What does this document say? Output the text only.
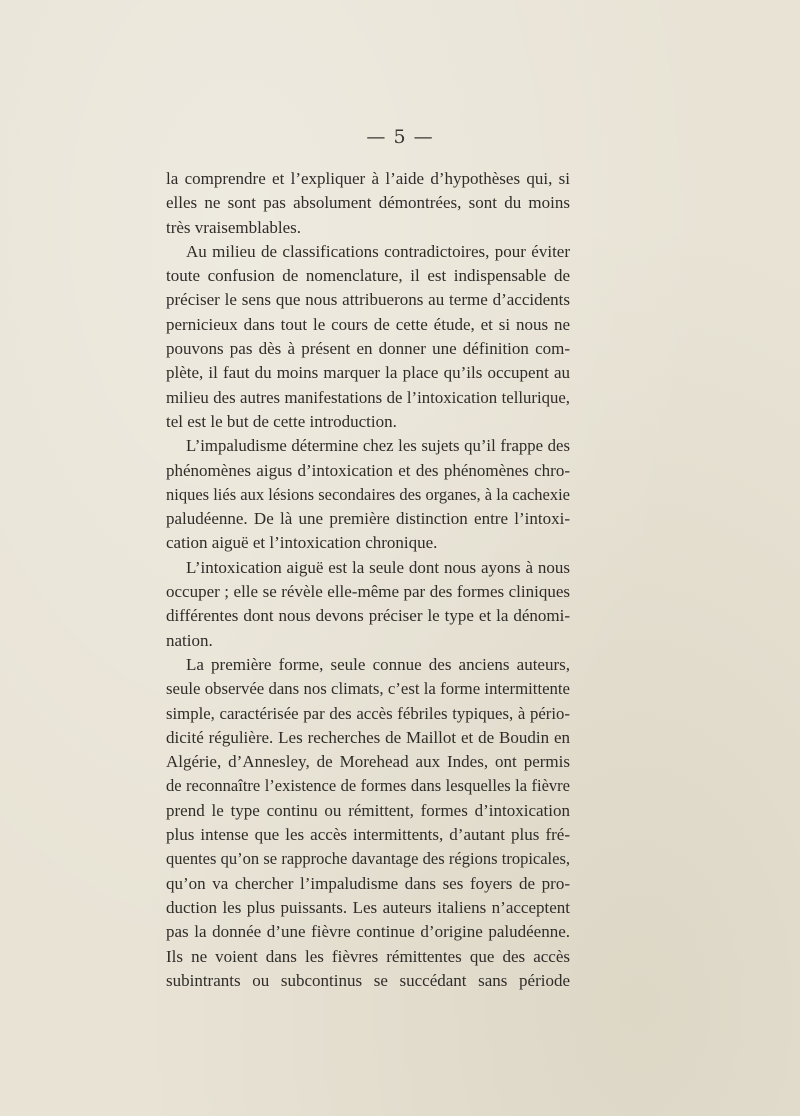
— 5 —
la comprendre et l’expliquer à l’aide d’hypothèses qui, si
elles ne sont pas absolument démontrées, sont du moins
très vraisemblables.
Au milieu de classifications contradictoires, pour éviter
toute confusion de nomenclature, il est indispensable de
préciser le sens que nous attribuerons au terme d’accidents
pernicieux dans tout le cours de cette étude, et si nous ne
pouvons pas dès à présent en donner une définition com-
plète, il faut du moins marquer la place qu’ils occupent au
milieu des autres manifestations de l’intoxication tellurique,
tel est le but de cette introduction.
L’impaludisme détermine chez les sujets qu’il frappe des
phénomènes aigus d’intoxication et des phénomènes chro-
niques liés aux lésions secondaires des organes, à la cachexie
paludéenne. De là une première distinction entre l’intoxi-
cation aiguë et l’intoxication chronique.
L’intoxication aiguë est la seule dont nous ayons à nous
occuper ; elle se révèle elle-même par des formes cliniques
différentes dont nous devons préciser le type et la dénomi-
nation.
La première forme, seule connue des anciens auteurs,
seule observée dans nos climats, c’est la forme intermittente
simple, caractérisée par des accès fébriles typiques, à pério-
dicité régulière. Les recherches de Maillot et de Boudin en
Algérie, d’Annesley, de Morehead aux Indes, ont permis
de reconnaître l’existence de formes dans lesquelles la fièvre
prend le type continu ou rémittent, formes d’intoxication
plus intense que les accès intermittents, d’autant plus fré-
quentes qu’on se rapproche davantage des régions tropicales,
qu’on va chercher l’impaludisme dans ses foyers de pro-
duction les plus puissants. Les auteurs italiens n’acceptent
pas la donnée d’une fièvre continue d’origine paludéenne.
Ils ne voient dans les fièvres rémittentes que des accès
subintrants ou subcontinus se succédant sans période
